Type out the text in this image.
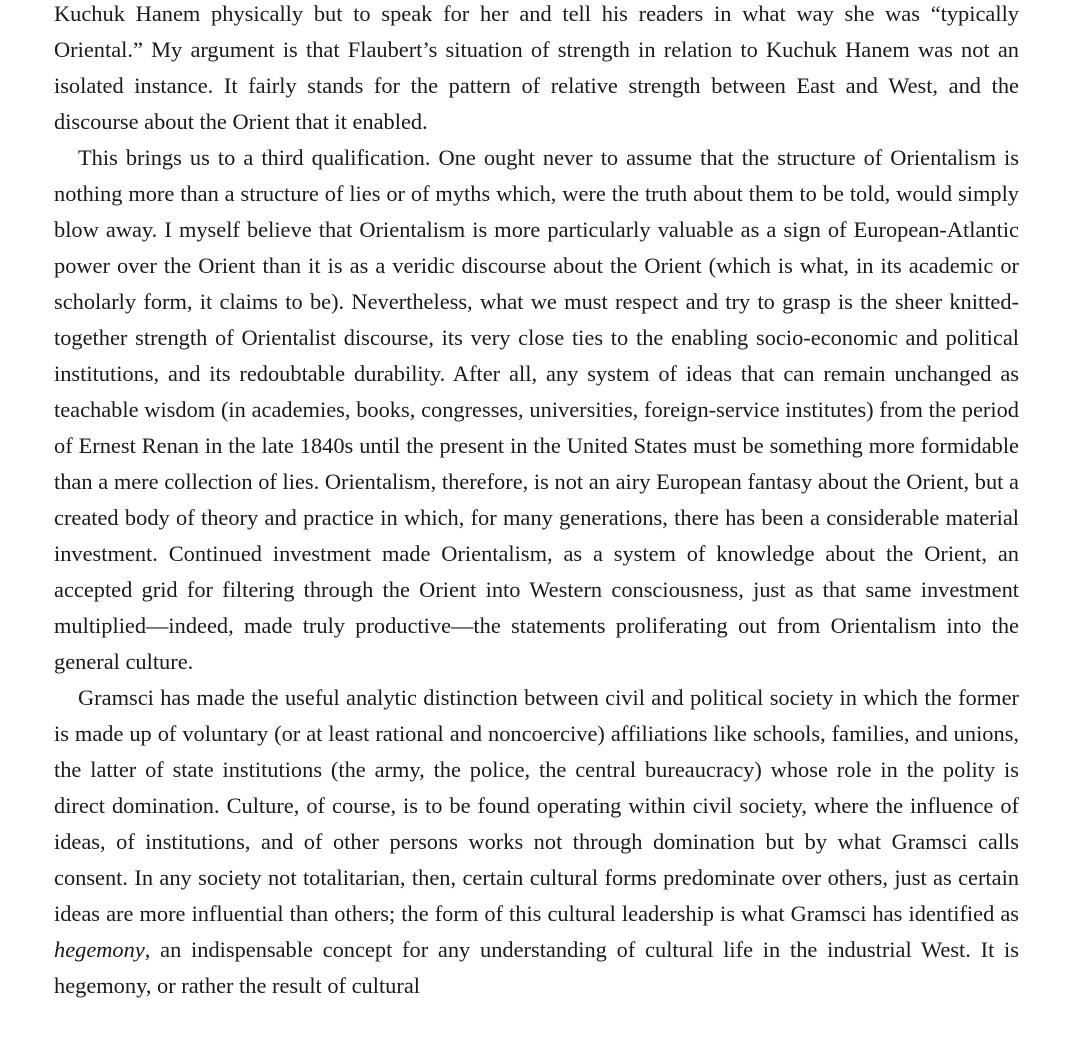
Kuchuk Hanem physically but to speak for her and tell his readers in what way she was “typically Oriental.” My argument is that Flaubert’s situation of strength in relation to Kuchuk Hanem was not an isolated instance. It fairly stands for the pattern of relative strength between East and West, and the discourse about the Orient that it enabled.

This brings us to a third qualification. One ought never to assume that the structure of Orientalism is nothing more than a structure of lies or of myths which, were the truth about them to be told, would simply blow away. I myself believe that Orientalism is more particularly valuable as a sign of European-Atlantic power over the Orient than it is as a veridic discourse about the Orient (which is what, in its academic or scholarly form, it claims to be). Nevertheless, what we must respect and try to grasp is the sheer knitted-together strength of Orientalist discourse, its very close ties to the enabling socio-economic and political institutions, and its redoubtable durability. After all, any system of ideas that can remain unchanged as teachable wisdom (in academies, books, congresses, universities, foreign-service institutes) from the period of Ernest Renan in the late 1840s until the present in the United States must be something more formidable than a mere collection of lies. Orientalism, therefore, is not an airy European fantasy about the Orient, but a created body of theory and practice in which, for many generations, there has been a considerable material investment. Continued investment made Orientalism, as a system of knowledge about the Orient, an accepted grid for filtering through the Orient into Western consciousness, just as that same investment multiplied—indeed, made truly productive—the statements proliferating out from Orientalism into the general culture.

Gramsci has made the useful analytic distinction between civil and political society in which the former is made up of voluntary (or at least rational and noncoercive) affiliations like schools, families, and unions, the latter of state institutions (the army, the police, the central bureaucracy) whose role in the polity is direct domination. Culture, of course, is to be found operating within civil society, where the influence of ideas, of institutions, and of other persons works not through domination but by what Gramsci calls consent. In any society not totalitarian, then, certain cultural forms predominate over others, just as certain ideas are more influential than others; the form of this cultural leadership is what Gramsci has identified as hegemony, an indispensable concept for any understanding of cultural life in the industrial West. It is hegemony, or rather the result of cultural
